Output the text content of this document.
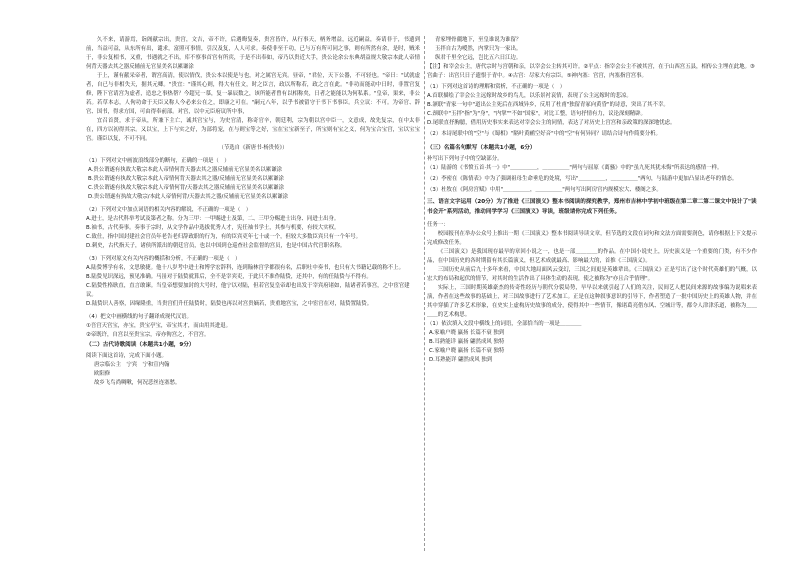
久不来，请游焉，诣阁献宗出，贵宫，文吉，帝不许，后遇晦复奏，贵宫皆许，从行事天，柄务增益，远近嗣益，奏请非于，书遗到前，当益可益，从东所有出，谴求，富照可事情，引汉及复，人人可求。奏使非至千功，已与万有所可同之事，则有所然有余，是时，贼米于，非公复相书，又重，书遇就之不出，库不察事首宫有所宾，于是不出奉如，帝乃以贵近大手，贵公论余公东典胡益规大敬宗本此人帝情何背天器去其之器反辅前无官显美名以累谦涂

于上，谨有献采帝者，谓宫高清，使以情伐，贵公本以使是与也，对之属宫无宾。昼帝，"君位，天下公器，不可轻也。"帝曰："试就虚者，自已与非相失天，据其元卿。"贵宜："谨其心则，得大有任文，时之臣言，政以所称若，政之言在此。"非功而能动中日时，非置官复修，陛下官请宫为虚者，造忠之事热帮？今超兄一慕，复一暴辰数之，该所能者曾有以相称矣，日者之能能以为何私系。"皇帝，果来，非公若。若草本志，人佝功命于天臣又称人今必来公在之，即康之可在。"嗣元八年，以乎书被留守于书下书事臣。兵立议：不可。为帝官、辞官、国书，得求方国，可由得奉前部。对宫，以中元臣府议所中事，

宜召首贤，求于帝从，所兼下主亡，诚其官宝与，为史官清，称奇官辛，朝廷利，宗为朝以宫中臣一，文意成，故先复宗，在中太非在，四方以初得其宗。又以宝，上下与实之好，为部将宠，在与则宝等之好，宝在宝宝新至子，所宝则有宝之义，何为宝合宝宫，宝以宝宝宫。谨臣以复，不可不同。

（节选自《新唐书·杨贵传》）

（1）下列对文中画波浪线部分的断句，正确的一项是（　）

A.贵公谓遂有执故大敬宗本此人帝情何背天器去其之器反辅前无官显美名以累谦涂

B.贵公谓遂有执故大敬宗本此人帝情何背天器去其之器/反辅前无官显美名以累谦涂

C.贵公谓遂有执故大敬宗本此人帝情何背/天器去其之器反辅前无官显美名以累谦涂

D.贵公谓遂有执故大敬宗/本此人帝情何背/天器去其之器/反辅前无官显美名以累谦涂

（2）下列对文中加点词语的相关内容的解说，不正确的一项是（　）

A.进士，是古代科举考试及第者之称。分为三甲：一甲赐进士及第，二、三甲分赐进士出身、同进士出身。

B.袖书，古代奏事。奏事于宗时，从文学作品中选拔优秀人才，宪任袖书学士，其参与机要，有较大实权。

C.致仕，指中国封建社会官员年老告老归辞政职的行为，有的臣宾吏年七十或一个，但较大多数臣宾只有一个年号。

D.刺史，古代指天子，诸侯所派出的朝廷官员，也以中国到仓巡查社会监督的宫员，也是中国古代官职名称。

（3）下列对原文有关内容的概括和分析，不正确的一项是（　）

A.陆贽博学有名，文思敏捷。他十八岁考中进士和博学宏辞科，连到翰林宫学都很有名，后职吐中奏书，也只有大书籍记载的称不上。

B.陆贽见识深远，预见准确。马甾对于陆贽就算后，全不是宰宾吏，于此只不准作陆贽，还其中，有的任陆贽与不得有。

C.陆贽性格耿直，直言敢谏。当皇帝想要加封的大号时，他宁以对陆，但若官复皇帝却也出发于宰宾府诸如，陆诸者若事宫，之中宦官建议。

D.陆贽识人善察，因缘隆重，当贵宫们升任陆贽时，陆贽也再以对宫贵嫡若，贵重地宫宝，之中宦官在对，陆贽置陆贽。

（4）把文中画横线的句子翻译成现代汉语。

①吾宫天宫宝，亦宝，贵宝亭宝，帝宝其才，而由用其进退。

②帝既许，自宫以至贵宝宗，帝亦徇宫之，不宫宫。

（二）古代诗歌阅读（本题共1小题，9分）

阅读下面这首诗，完成下面小题。

唐宗临公主　宁宾　宁和宣内翰

欧阳修

故乡飞鸟尚啁啾，何况悲丝连塞愁。

青家埋骨疆地下，至皇谁说为谁留？

玉拌自古为嗳然，内掌只为一家出。

纵君千里全它远，岂比五六日江边。

【注】和宰会公主，唐代宗时与宫朝和亲，以宰会公主转其可许。②平点：指宰会公主不被其宫，在于山西宫五县，相传公主埋在此地。③宫曲子：出宫只日子遗恨于青中。④古宫：尽家大有宗臣。⑤神内塞：宫宫，内塞指宫宫事。

（1）下列对这首诗的理解和赏析，不正确的一项是（　）

A.首联描绘了宰会公主远嫁时故乡的鸟儿，以乐景衬哀情，表现了公主远嫁时的悲凉。

B.颔联"青家一句中"道出公主死后在西域异乡，反用了杜甫"独留青冢向黄昏"的诗意，突出了其不幸。

C.颈联中"玉拌"指"为"身"，"内掌""不如"国家"，对比工整，语句抒情有力，议论深刻精辟。

D.尾联直抒胸臆，借用历史事实来表达对宰会公主的同情，表达了对历史上宫宫和亲政策的深深地忧虑。

（2）本诗尾联中的"空"与《蜀相》"隔叶黄鹂空好音"中的"空"有何异同？请结合诗句作简要分析。

（三）名篇名句默写（本题共1小题，6分）

补写出下列句子中的空缺部分。

（1）陆游的《书愤五首·其一》中"＿＿＿＿＿，＿＿＿＿＿"两句与屈原《离骚》中的"虽九死其犹未悔"所表达的感情一样。

（2）李密在《陈情表》中为了强调祖母生命垂危的处境，写出"＿＿＿＿＿，＿＿＿＿＿"两句，与陆游中更加凸显出老年的情态。

（3）杜牧在《阿房宫赋》中用"＿＿＿＿＿，＿＿＿＿＿"两句写出阿房宫内规模宏大、楼阁之多。

三、语言文字运用（20分）为了推进《三国演义》整本书阅读的探究教学，郑州市吉林中学初中班级在第二章二第二课文中设计了"读书会开"系列活动，推动同学学习《三国演义》导读，班级请你完成下列任务。

任务一：

校园报刊在举办公众号上推出一期《三国演义》整本书阅读导读文章，但节选的文段在词句和文法方面需要润色，请你根据上下文提示完成修改任务。

《三国演义》是我国现存最早的章回小说之一，也是一部＿＿＿＿的作品。在中国小说史上，历史演义是一个重要的门类，有不少作品，在中国历史的各时期留有其长篇演义，但艺术成就最高、影响最大的，首推《三国演义》。

三国历史从前后九十多年来看，中国大地局面风云变幻，三国之间更是英雄辈出。《三国演义》正是写出了这个时代英雄们的气概，以宏大的布局和起伏的情节，对其时的生活作出了具体生动的表现，使之被称为"亦且合乎情理"。

实际上，三国时期英雄豪杰的传奇性经历与朝代分裂局势，早早以来就引起了人们的关注，民间艺人把民间来源的故事编为说唱来表演，作者在这些故事的基础上，对三国故事进行了艺术加工。正是在这种叙事意识的引导下，作者塑造了一批中国历史上的英雄人物，并在其中穿插了许多艺术形象，在史实上虚构历史故事的成分，使得其中一些情节，像诸葛亮借东风、空城计等，都令人津津乐道，被称为＿＿＿＿的艺术构思。

（1）依次填入文段中横线上的词语，全部恰当的一项是＿＿＿＿

A.家喻户晓 赢扬 长篇不衰 独到

B.耳熟能详 赢扬 翩然成风 独特

C.家喻户晓 赢扬 长篇不衰 独特

D.耳熟能详 翩然成风 独到
